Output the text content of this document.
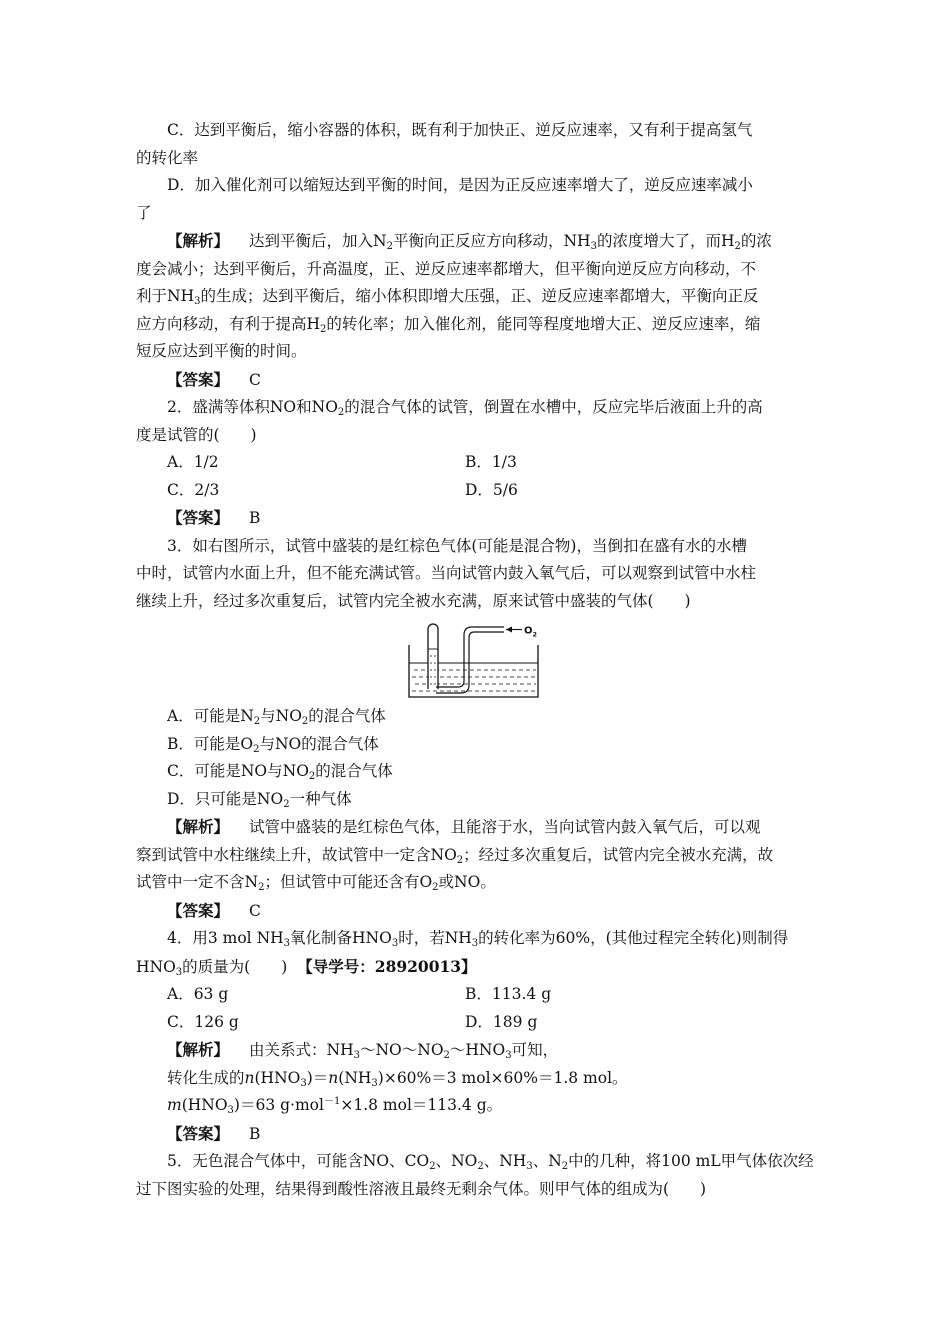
C．达到平衡后，缩小容器的体积，既有利于加快正、逆反应速率，又有利于提高氢气

的转化率

D．加入催化剂可以缩短达到平衡的时间，是因为正反应速率增大了，逆反应速率减小

了

【解析】 达到平衡后，加入$N_2$平衡向正反应方向移动，$NH_3$的浓度增大了，而$H_2$的浓

度会减小；达到平衡后，升高温度，正、逆反应速率都增大，但平衡向逆反应方向移动，不

利于$NH_3$的生成；达到平衡后，缩小体积即增大压强，正、逆反应速率都增大，平衡向正反

应方向移动，有利于提高$H_2$的转化率；加入催化剂，能同等程度地增大正、逆反应速率，缩

短反应达到平衡的时间。

【答案】 C

2．盛满等体积NO和$NO_2$的混合气体的试管，倒置在水槽中，反应完毕后液面上升的高

度是试管的(　　)

A．1/2	B．1/3
C．2/3	D．5/6

【答案】 B

3．如右图所示，试管中盛装的是红棕色气体(可能是混合物)，当倒扣在盛有水的水槽

中时，试管内水面上升，但不能充满试管。当向试管内鼓入氧气后，可以观察到试管中水柱

继续上升，经过多次重复后，试管内完全被水充满，原来试管中盛装的气体(　　)

$O_2$

A．可能是$N_2$与$NO_2$的混合气体

B．可能是$O_2$与NO的混合气体

C．可能是NO与$NO_2$的混合气体

D．只可能是$NO_2$一种气体

【解析】 试管中盛装的是红棕色气体，且能溶于水，当向试管内鼓入氧气后，可以观

察到试管中水柱继续上升，故试管中一定含$NO_2$；经过多次重复后，试管内完全被水充满，故

试管中一定不含$N_2$；但试管中可能还含有$O_2$或NO。

【答案】 C

4．用3 mol $NH_3$氧化制备$HNO_3$时，若$NH_3$的转化率为60%，(其他过程完全转化)则制得

$HNO_3$的质量为(　　) 【导学号：28920013】

A．63 g	B．113.4 g
C．126 g	D．189 g

【解析】 由关系式：$NH_3\sim NO\sim NO_2\sim HNO_3$可知，

转化生成的$n(HNO_3)=n(NH_3)\times 60\%=3$ mol×60%＝1.8 mol。

$m(HNO_3)=63$ g·mol$^{-1}$×1.8 mol＝113.4 g。

【答案】 B

5．无色混合气体中，可能含NO、$CO_2$、$NO_2$、$NH_3$、$N_2$中的几种，将100 mL甲气体依次经

过下图实验的处理，结果得到酸性溶液且最终无剩余气体。则甲气体的组成为(　　)
